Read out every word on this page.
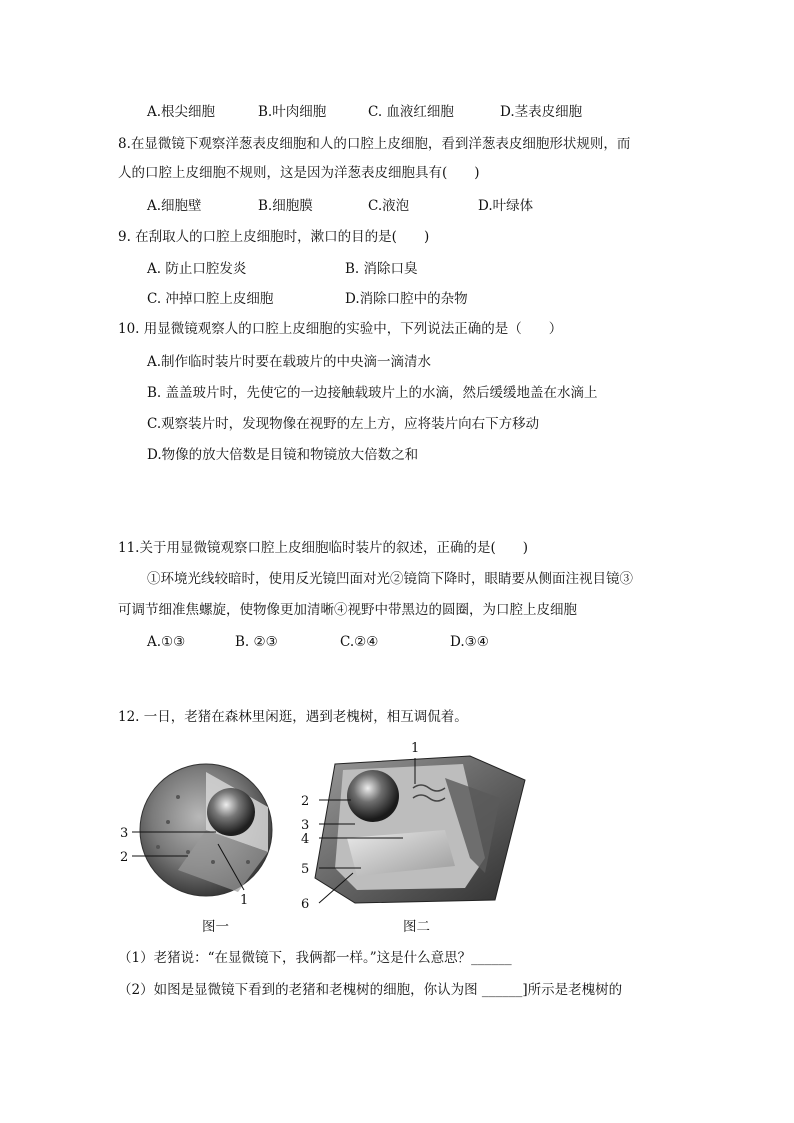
A.根尖细胞	B.叶肉细胞	C. 血液红细胞	D.茎表皮细胞
8.在显微镜下观察洋葱表皮细胞和人的口腔上皮细胞，看到洋葱表皮细胞形状规则，而
人的口腔上皮细胞不规则，这是因为洋葱表皮细胞具有(　　)
A.细胞壁	B.细胞膜	C.液泡	D.叶绿体
9. 在刮取人的口腔上皮细胞时，漱口的目的是(　　)
A. 防止口腔发炎	B. 消除口臭
C. 冲掉口腔上皮细胞	D.消除口腔中的杂物
10. 用显微镜观察人的口腔上皮细胞的实验中，下列说法正确的是（　　）
A.制作临时装片时要在载玻片的中央滴一滴清水
B. 盖盖玻片时，先使它的一边接触载玻片上的水滴，然后缓缓地盖在水滴上
C.观察装片时，发现物像在视野的左上方，应将装片向右下方移动
D.物像的放大倍数是目镜和物镜放大倍数之和
11.关于用显微镜观察口腔上皮细胞临时装片的叙述，正确的是(　　)
①环境光线较暗时，使用反光镜凹面对光②镜筒下降时，眼睛要从侧面注视目镜③
可调节细准焦螺旋，使物像更加清晰④视野中带黑边的圆圈，为口腔上皮细胞
A.①③	B. ②③	C.②④	D.③④
12. 一日，老猪在森林里闲逛，遇到老槐树，相互调侃着。
3
2
1
图一
1
2
3
4
5
6
图二
（1）老猪说：“在显微镜下，我俩都一样。”这是什么意思？______
（2）如图是显微镜下看到的老猪和老槐树的细胞，你认为图 ______]所示是老槐树的
